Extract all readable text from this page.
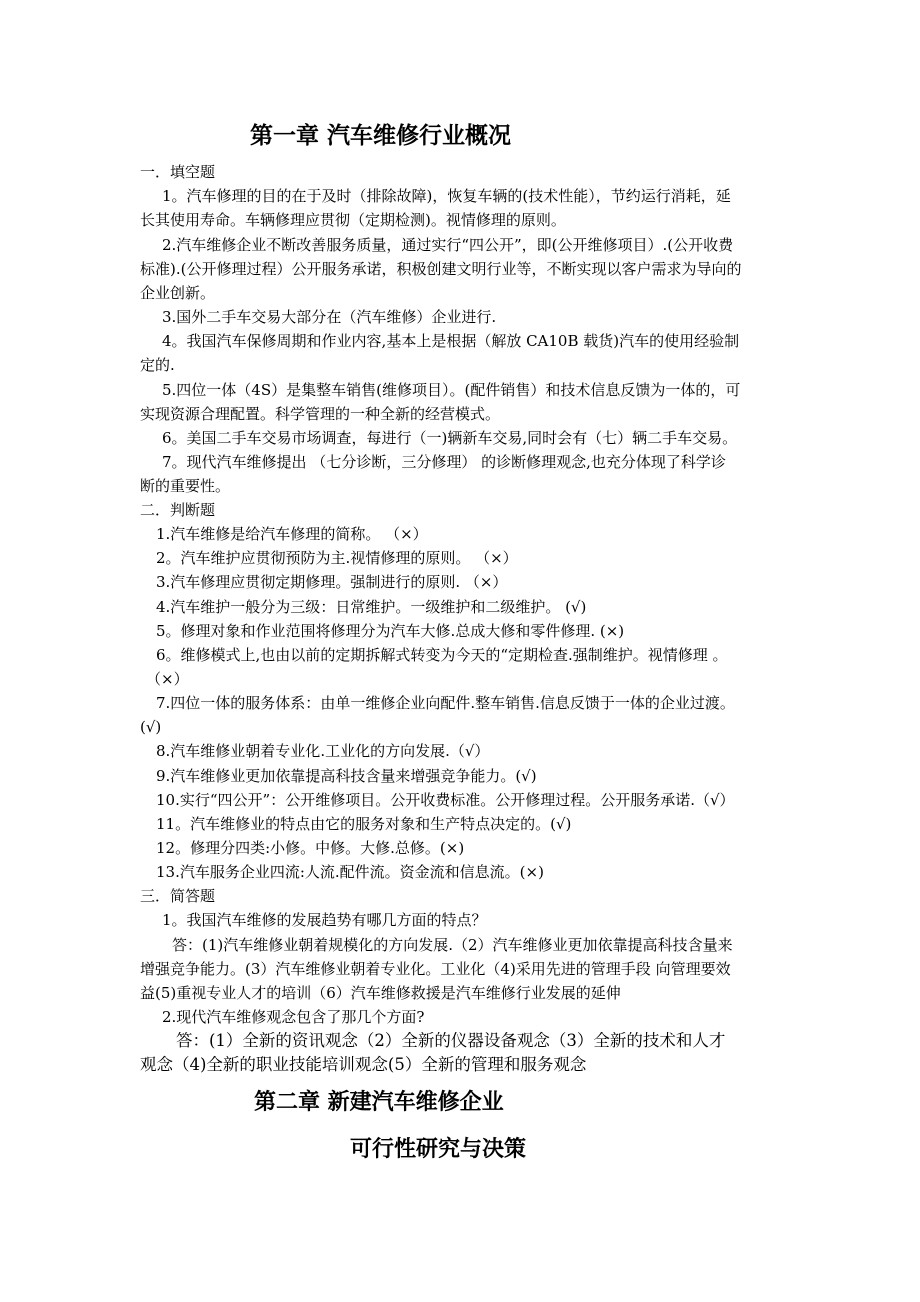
第一章 汽车维修行业概况
一．填空题
1。汽车修理的目的在于及时（排除故障)，恢复车辆的(技术性能），节约运行消耗，延
长其使用寿命。车辆修理应贯彻（定期检测)。视情修理的原则。
2.汽车维修企业不断改善服务质量，通过实行“四公开”，即(公开维修项目）.(公开收费
标准).(公开修理过程）公开服务承诺，积极创建文明行业等，不断实现以客户需求为导向的
企业创新。
3.国外二手车交易大部分在（汽车维修）企业进行.
4。我国汽车保修周期和作业内容,基本上是根据（解放 CA10B 载货)汽车的使用经验制
定的.
5.四位一体（4S）是集整车销售(维修项目）。(配件销售）和技术信息反馈为一体的，可
实现资源合理配置。科学管理的一种全新的经营模式。
6。美国二手车交易市场调查，每进行（一)辆新车交易,同时会有（七）辆二手车交易。
7。现代汽车维修提出 （七分诊断，三分修理） 的诊断修理观念,也充分体现了科学诊
断的重要性。
二．判断题
1.汽车维修是给汽车修理的简称。 （×）
2。汽车维护应贯彻预防为主.视情修理的原则。 （×）
3.汽车修理应贯彻定期修理。强制进行的原则. （×）
4.汽车维护一般分为三级：日常维护。一级维护和二级维护。 (√)
5。修理对象和作业范围将修理分为汽车大修.总成大修和零件修理. (×)
6。维修模式上,也由以前的定期拆解式转变为今天的“定期检查.强制维护。视情修理 。
（×）
7.四位一体的服务体系：由单一维修企业向配件.整车销售.信息反馈于一体的企业过渡。
(√)
8.汽车维修业朝着专业化.工业化的方向发展.（√）
9.汽车维修业更加依靠提高科技含量来增强竞争能力。(√)
10.实行“四公开”：公开维修项目。公开收费标准。公开修理过程。公开服务承诺.（√）
11。汽车维修业的特点由它的服务对象和生产特点决定的。(√)
12。修理分四类:小修。中修。大修.总修。(×)
13.汽车服务企业四流:人流.配件流。资金流和信息流。(×)
三．简答题
1。我国汽车维修的发展趋势有哪几方面的特点？
答：(1)汽车维修业朝着规模化的方向发展.（2）汽车维修业更加依靠提高科技含量来
增强竞争能力。(3）汽车维修业朝着专业化。工业化（4)采用先进的管理手段 向管理要效
益(5)重视专业人才的培训（6）汽车维修救援是汽车维修行业发展的延伸
2.现代汽车维修观念包含了那几个方面?
答：(1）全新的资讯观念（2）全新的仪器设备观念（3）全新的技术和人才
观念（4)全新的职业技能培训观念(5）全新的管理和服务观念
第二章 新建汽车维修企业
可行性研究与决策
